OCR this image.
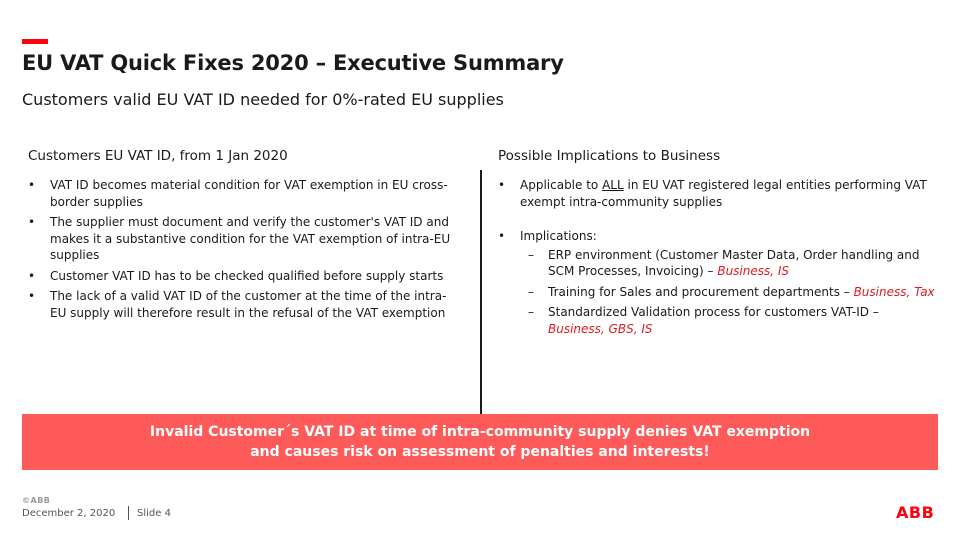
EU VAT Quick Fixes 2020 – Executive Summary
Customers valid EU VAT ID needed for 0%-rated EU supplies
Customers EU VAT ID, from 1 Jan 2020	Possible Implications to Business
• VAT ID becomes material condition for VAT exemption in EU cross-border supplies
• The supplier must document and verify the customer's VAT ID and makes it a substantive condition for the VAT exemption of intra-EU supplies
• Customer VAT ID has to be checked qualified before supply starts
• The lack of a valid VAT ID of the customer at the time of the intra-EU supply will therefore result in the refusal of the VAT exemption
• Applicable to ALL in EU VAT registered legal entities performing VAT exempt intra-community supplies
• Implications:
– ERP environment (Customer Master Data, Order handling and SCM Processes, Invoicing) – Business, IS
– Training for Sales and procurement departments – Business, Tax
– Standardized Validation process for customers VAT-ID – Business, GBS, IS
Invalid Customer´s VAT ID at time of intra-community supply denies VAT exemption
and causes risk on assessment of penalties and interests!
©ABB
December 2, 2020 Slide 4	ABB
